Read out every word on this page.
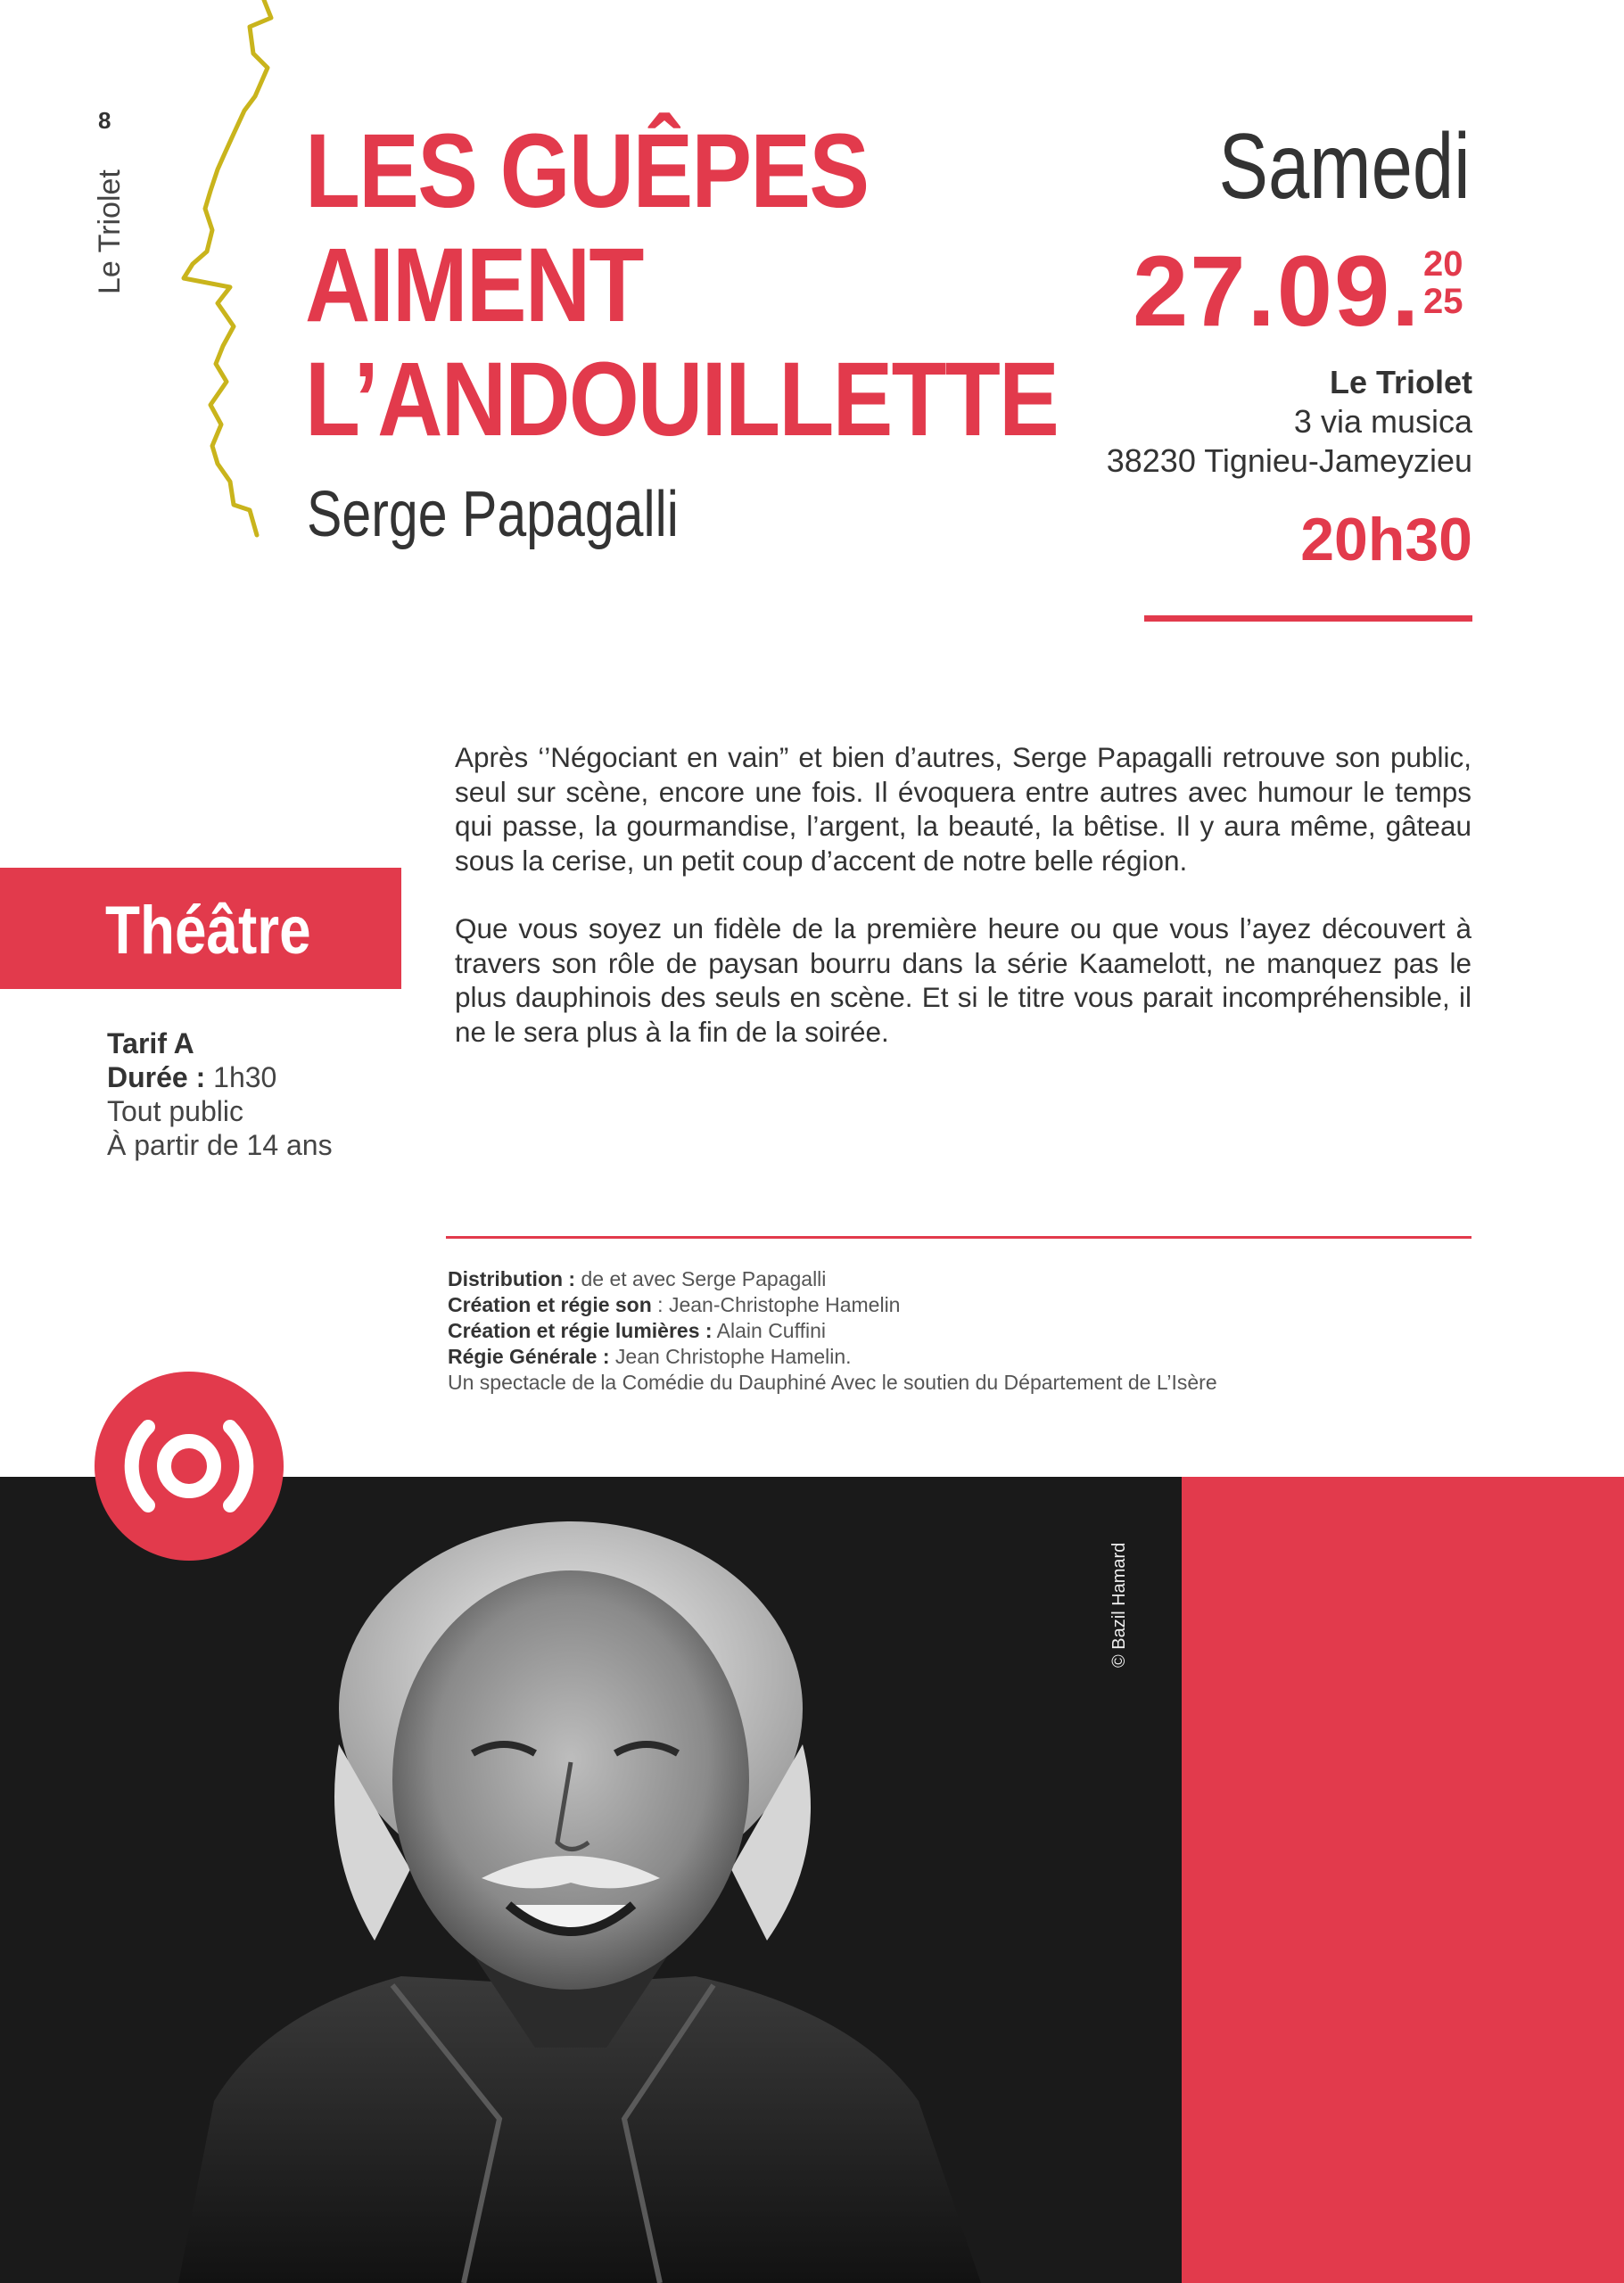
8
Le Triolet LES GUÊPES
AIMENT
L’ANDOUILLETTE
Serge Papagalli
Samedi
27.09. 20
25
Le Triolet
3 via musica
38230 Tignieu-Jameyzieu
20h30
Théâtre
Tarif A
Durée : 1h30
Tout public
À partir de 14 ans
Après ‘’Négociant en vain” et bien d’autres, Serge Papagalli retrouve son public, seul sur scène, encore une fois. Il évoquera entre autres avec humour le temps qui passe, la gourmandise, l’argent, la beauté, la bêtise. Il y aura même, gâteau sous la cerise, un petit coup d’accent de notre belle région.
Que vous soyez un fidèle de la première heure ou que vous l’ayez découvert à travers son rôle de paysan bourru dans la série Kaamelott, ne manquez pas le plus dauphinois des seuls en scène. Et si le titre vous parait incompréhensible, il ne le sera plus à la fin de la soirée.
Distribution : de et avec Serge Papagalli
Création et régie son : Jean-Christophe Hamelin
Création et régie lumières : Alain Cuffini
Régie Générale : Jean Christophe Hamelin.
Un spectacle de la Comédie du Dauphiné Avec le soutien du Département de L’Isère
© Bazil Hamard
